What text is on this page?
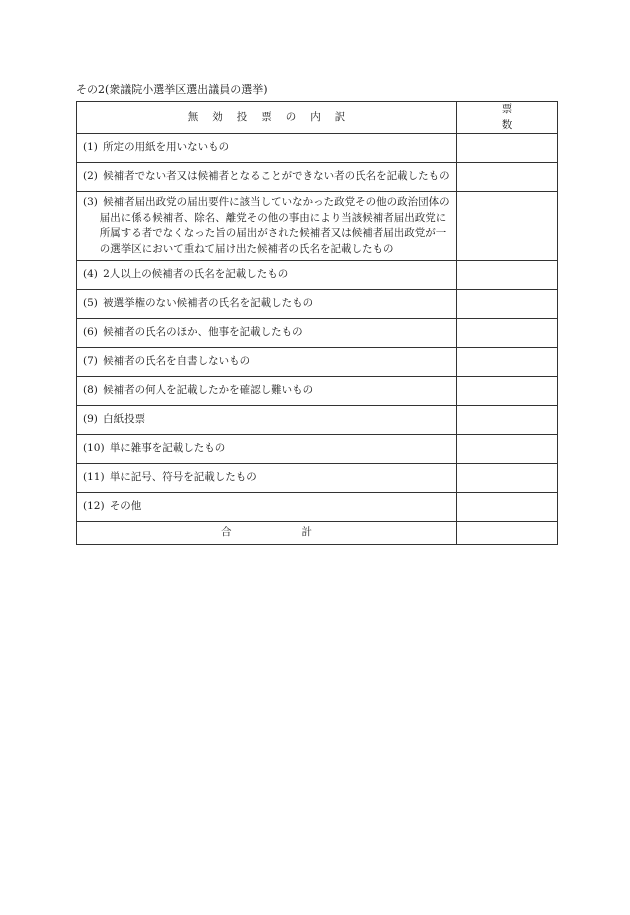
その2(衆議院小選挙区選出議員の選挙)
無効投票の内訳	票数

(1) 所定の用紙を用いないもの	

(2) 候補者でない者又は候補者となることができない者の氏名を記載したもの	

(3) 候補者届出政党の届出要件に該当していなかった政党その他の政治団体の届出に係る候補者、除名、離党その他の事由により当該候補者届出政党に所属する者でなくなった旨の届出がされた候補者又は候補者届出政党が一の選挙区において重ねて届け出た候補者の氏名を記載したもの	

(4) 2人以上の候補者の氏名を記載したもの	

(5) 被選挙権のない候補者の氏名を記載したもの	

(6) 候補者の氏名のほか、他事を記載したもの	

(7) 候補者の氏名を自書しないもの	

(8) 候補者の何人を記載したかを確認し難いもの	

(9) 白紙投票	

(10) 単に雑事を記載したもの	

(11) 単に記号、符号を記載したもの	

(12) その他	

合計	
